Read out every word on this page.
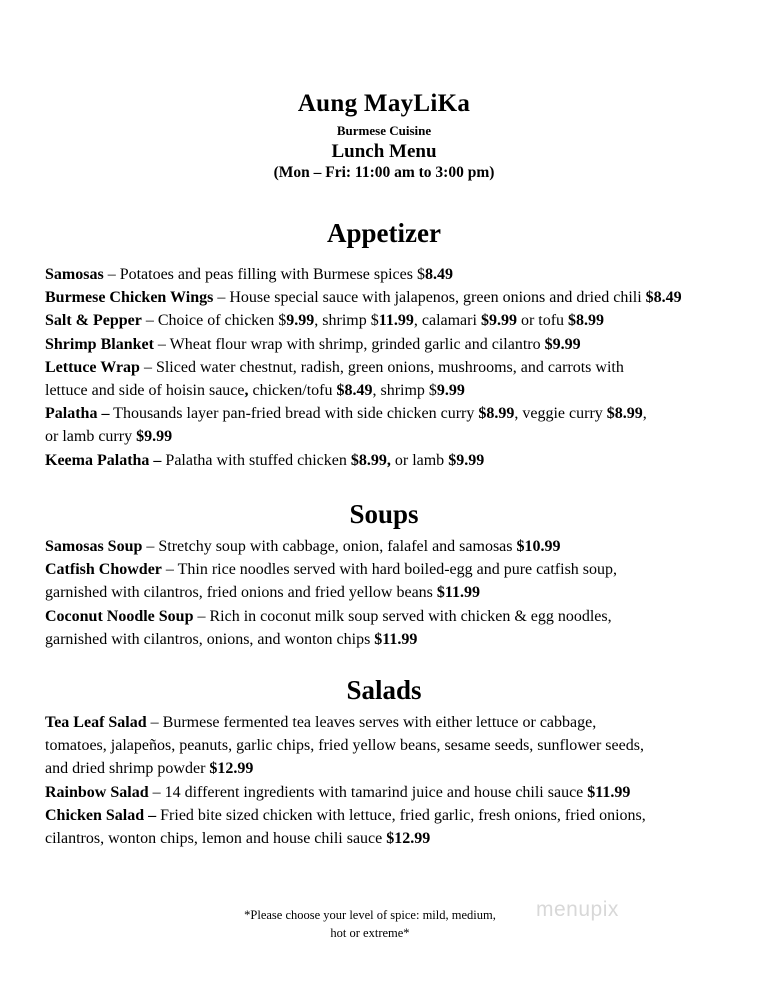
Aung MayLiKa
Burmese Cuisine
Lunch Menu
(Mon – Fri: 11:00 am to 3:00 pm)
Appetizer
Samosas – Potatoes and peas filling with Burmese spices $8.49
Burmese Chicken Wings – House special sauce with jalapenos, green onions and dried chili $8.49
Salt & Pepper – Choice of chicken $9.99, shrimp $11.99, calamari $9.99 or tofu $8.99
Shrimp Blanket – Wheat flour wrap with shrimp, grinded garlic and cilantro $9.99
Lettuce Wrap – Sliced water chestnut, radish, green onions, mushrooms, and carrots with
lettuce and side of hoisin sauce, chicken/tofu $8.49, shrimp $9.99
Palatha – Thousands layer pan-fried bread with side chicken curry $8.99, veggie curry $8.99,
or lamb curry $9.99
Keema Palatha – Palatha with stuffed chicken $8.99, or lamb $9.99
Soups
Samosas Soup – Stretchy soup with cabbage, onion, falafel and samosas $10.99
Catfish Chowder – Thin rice noodles served with hard boiled-egg and pure catfish soup,
garnished with cilantros, fried onions and fried yellow beans $11.99
Coconut Noodle Soup – Rich in coconut milk soup served with chicken & egg noodles,
garnished with cilantros, onions, and wonton chips $11.99
Salads
Tea Leaf Salad – Burmese fermented tea leaves serves with either lettuce or cabbage,
tomatoes, jalapeños, peanuts, garlic chips, fried yellow beans, sesame seeds, sunflower seeds,
and dried shrimp powder $12.99
Rainbow Salad – 14 different ingredients with tamarind juice and house chili sauce $11.99
Chicken Salad – Fried bite sized chicken with lettuce, fried garlic, fresh onions, fried onions,
cilantros, wonton chips, lemon and house chili sauce $12.99
*Please choose your level of spice: mild, medium,
hot or extreme*
menupix
